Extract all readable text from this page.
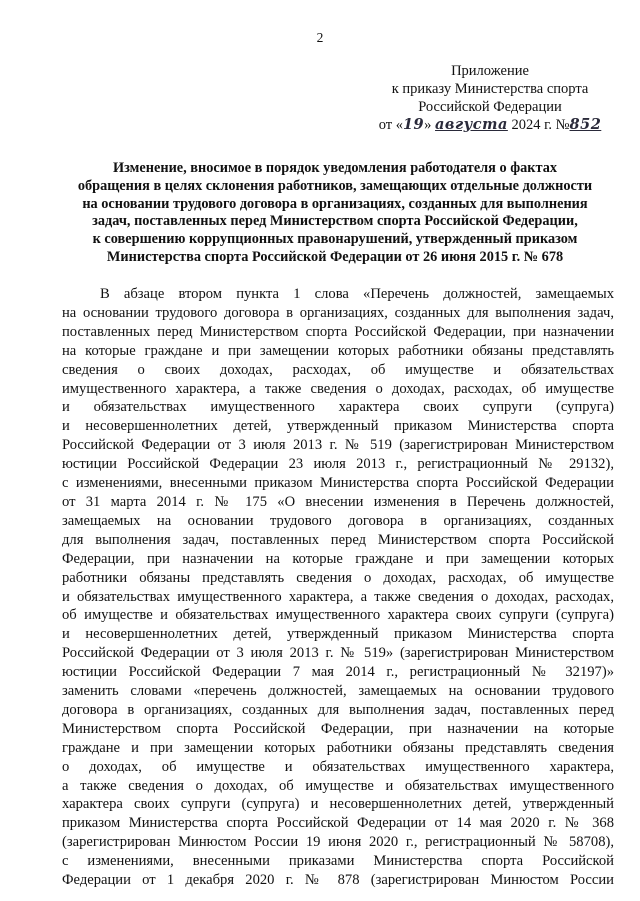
2
Приложение
к приказу Министерства спорта
Российской Федерации
от «19» августа 2024 г. №852
Изменение, вносимое в порядок уведомления работодателя о фактах
обращения в целях склонения работников, замещающих отдельные должности
на основании трудового договора в организациях, созданных для выполнения
задач, поставленных перед Министерством спорта Российской Федерации,
к совершению коррупционных правонарушений, утвержденный приказом
Министерства спорта Российской Федерации от 26 июня 2015 г. № 678
В абзаце втором пункта 1 слова «Перечень должностей, замещаемых
на основании трудового договора в организациях, созданных для выполнения задач,
поставленных перед Министерством спорта Российской Федерации, при назначении
на которые граждане и при замещении которых работники обязаны представлять
сведения о своих доходах, расходах, об имуществе и обязательствах
имущественного характера, а также сведения о доходах, расходах, об имуществе
и обязательствах имущественного характера своих супруги (супруга)
и несовершеннолетних детей, утвержденный приказом Министерства спорта
Российской Федерации от 3 июля 2013 г. № 519 (зарегистрирован Министерством
юстиции Российской Федерации 23 июля 2013 г., регистрационный № 29132),
с изменениями, внесенными приказом Министерства спорта Российской Федерации
от 31 марта 2014 г. № 175 «О внесении изменения в Перечень должностей,
замещаемых на основании трудового договора в организациях, созданных
для выполнения задач, поставленных перед Министерством спорта Российской
Федерации, при назначении на которые граждане и при замещении которых
работники обязаны представлять сведения о доходах, расходах, об имуществе
и обязательствах имущественного характера, а также сведения о доходах, расходах,
об имуществе и обязательствах имущественного характера своих супруги (супруга)
и несовершеннолетних детей, утвержденный приказом Министерства спорта
Российской Федерации от 3 июля 2013 г. № 519» (зарегистрирован Министерством
юстиции Российской Федерации 7 мая 2014 г., регистрационный № 32197)»
заменить словами «перечень должностей, замещаемых на основании трудового
договора в организациях, созданных для выполнения задач, поставленных перед
Министерством спорта Российской Федерации, при назначении на которые
граждане и при замещении которых работники обязаны представлять сведения
о доходах, об имуществе и обязательствах имущественного характера,
а также сведения о доходах, об имуществе и обязательствах имущественного
характера своих супруги (супруга) и несовершеннолетних детей, утвержденный
приказом Министерства спорта Российской Федерации от 14 мая 2020 г. № 368
(зарегистрирован Минюстом России 19 июня 2020 г., регистрационный № 58708),
с изменениями, внесенными приказами Министерства спорта Российской
Федерации от 1 декабря 2020 г. № 878 (зарегистрирован Минюстом России
